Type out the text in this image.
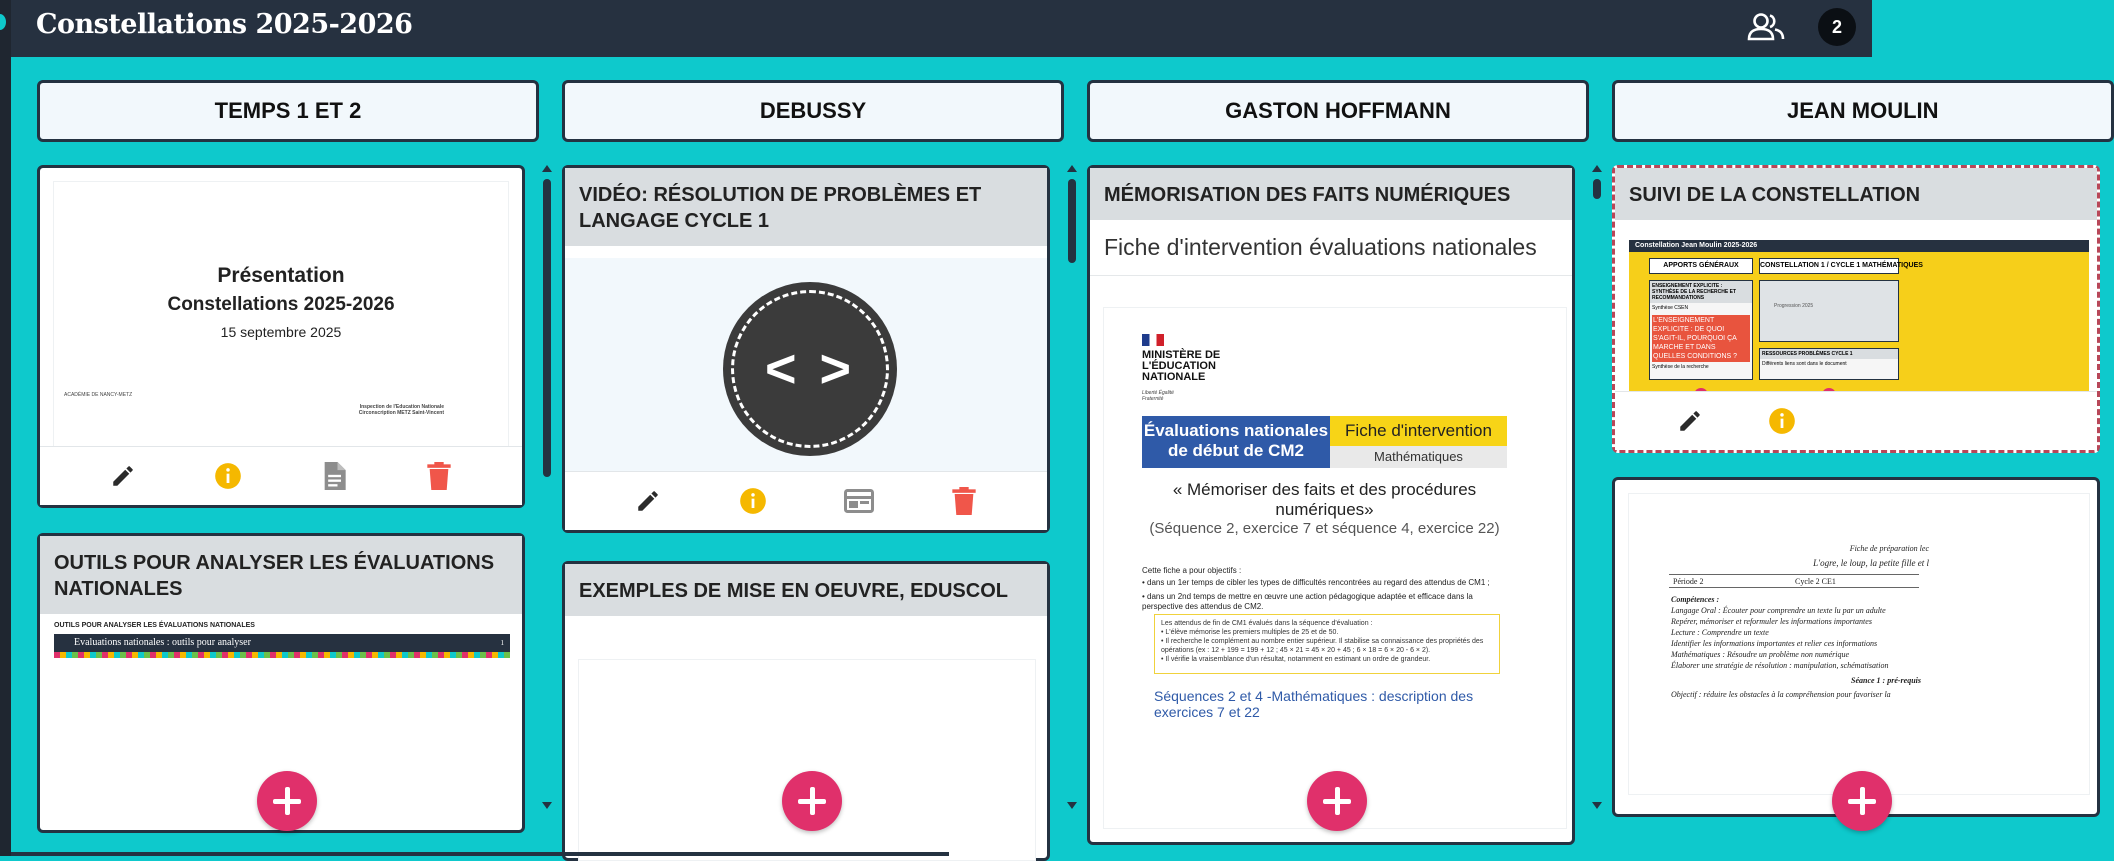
Constellations 2025-2026	2
TEMPS 1 ET 2
Présentation
Constellations 2025-2026
15 septembre 2025
ACADÉMIE DE NANCY-METZ
Inspection de l'Education Nationale Circonscription METZ Saint-Vincent
OUTILS POUR ANALYSER LES ÉVALUATIONS NATIONALES
OUTILS POUR ANALYSER LES ÉVALUATIONS NATIONALES
Evaluations nationales : outils pour analyser	1
DEBUSSY
VIDÉO: RÉSOLUTION DE PROBLÈMES ET LANGAGE CYCLE 1
< >
EXEMPLES DE MISE EN OEUVRE, EDUSCOL
GASTON HOFFMANN
MÉMORISATION DES FAITS NUMÉRIQUES
Fiche d'intervention évaluations nationales
MINISTÈRE DE L'ÉDUCATION NATIONALE
Liberté Égalité Fraternité
Évaluations nationales de début de CM2
Fiche d'intervention
Mathématiques
« Mémoriser des faits et des procédures numériques»
(Séquence 2, exercice 7 et séquence 4, exercice 22)
Cette fiche a pour objectifs :
• dans un 1er temps de cibler les types de difficultés rencontrées au regard des attendus de CM1 ;
• dans un 2nd temps de mettre en œuvre une action pédagogique adaptée et efficace dans la perspective des attendus de CM2.
Les attendus de fin de CM1 évalués dans la séquence d'évaluation :
• L'élève mémorise les premiers multiples de 25 et de 50.
• Il recherche le complément au nombre entier supérieur. Il stabilise sa connaissance des propriétés des opérations (ex : 12 + 199 = 199 + 12 ; 45 × 21 = 45 × 20 + 45 ; 6 × 18 = 6 × 20 - 6 × 2).
• Il vérifie la vraisemblance d'un résultat, notamment en estimant un ordre de grandeur.
Séquences 2 et 4 -Mathématiques : description des exercices 7 et 22
JEAN MOULIN
SUIVI DE LA CONSTELLATION
Constellation Jean Moulin 2025-2026
APPORTS GÉNÉRAUX	CONSTELLATION 1 / CYCLE 1 MATHÉMATIQUES
ENSEIGNEMENT EXPLICITE : SYNTHÈSE DE LA RECHERCHE ET RECOMMANDATIONS
Synthèse CSEN
L'ENSEIGNEMENT EXPLICITE : DE QUOI S'AGIT-IL, POURQUOI ÇA MARCHE ET DANS QUELLES CONDITIONS ?
Synthèse de la recherche
Progression 2025
RESSOURCES PROBLÈMES CYCLE 1
Différents liens sont dans le document
Fiche de préparation lec
L'ogre, le loup, la petite fille et l
Période 2	Cycle 2 CE1
Compétences :
Langage Oral : Écouter pour comprendre un texte lu par un adulte
Repérer, mémoriser et reformuler les informations importantes
Lecture : Comprendre un texte
Identifier les informations importantes et relier ces informations
Mathématiques : Résoudre un problème non numérique
Élaborer une stratégie de résolution : manipulation, schématisation
Séance 1 : pré-requis
Objectif : réduire les obstacles à la compréhension pour favoriser la
